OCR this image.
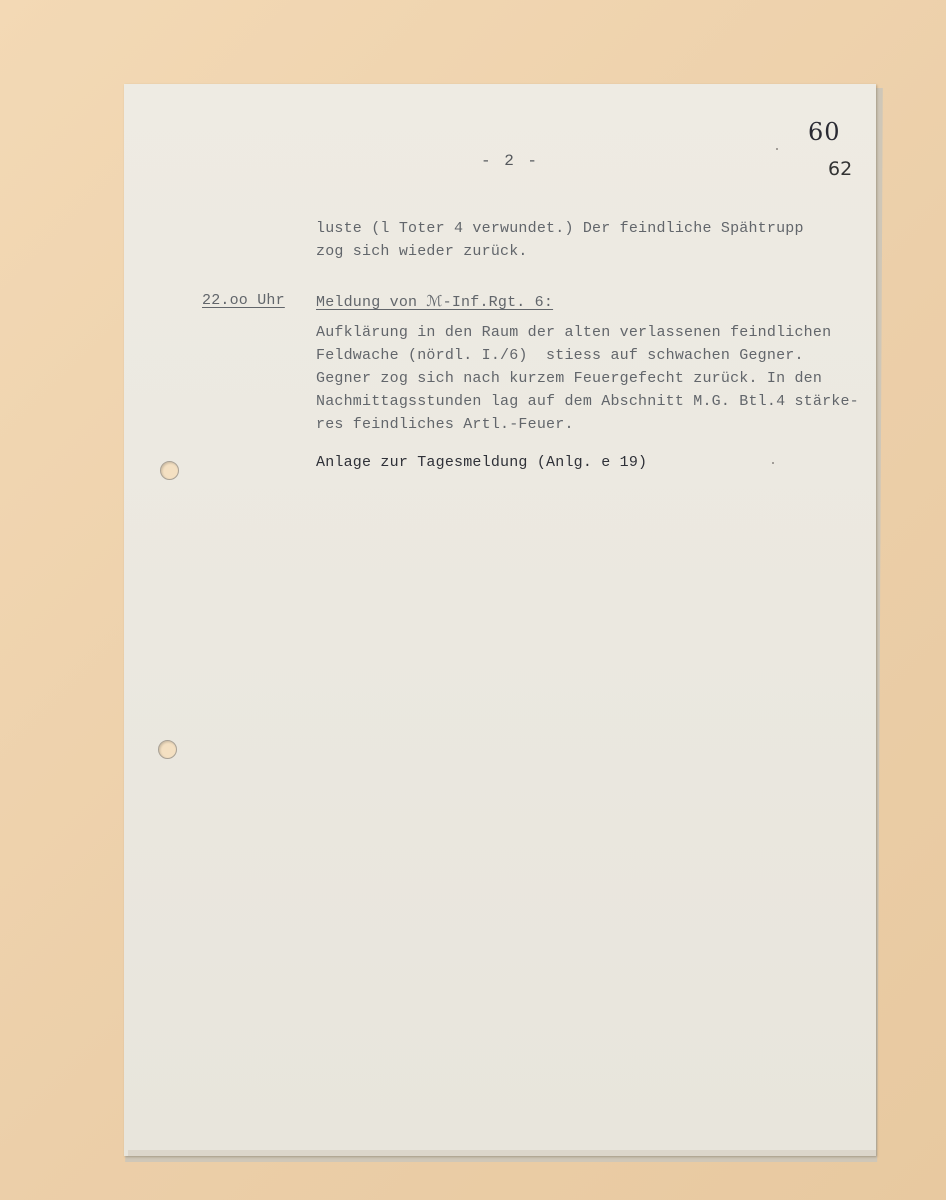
60
62
- 2 -
luste (l Toter 4 verwundet.) Der feindliche Spähtrupp
zog sich wieder zurück.
22.oo Uhr Meldung von ℳ-Inf.Rgt. 6:
Aufklärung in den Raum der alten verlassenen feindlichen
Feldwache (nördl. I./6)  stiess auf schwachen Gegner.
Gegner zog sich nach kurzem Feuergefecht zurück. In den
Nachmittagsstunden lag auf dem Abschnitt M.G. Btl.4 stärke-
res feindliches Artl.-Feuer.
Anlage zur Tagesmeldung (Anlg. e 19)
